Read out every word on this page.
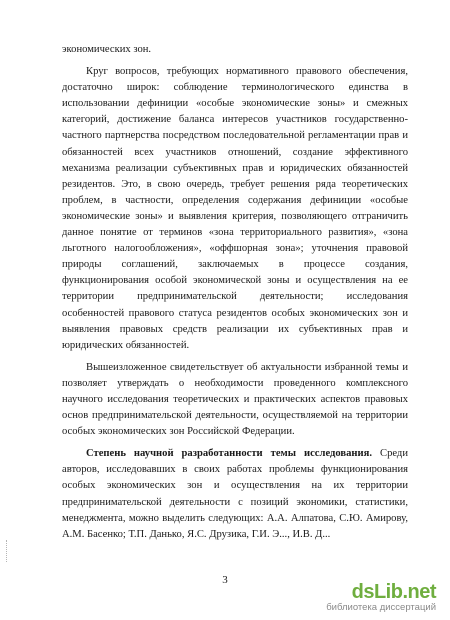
экономических зон.
Круг вопросов, требующих нормативного правового обеспечения,
достаточно широк: соблюдение терминологического единства в
использовании дефиниции «особые экономические зоны» и смежных
категорий, достижение баланса интересов участников государственно-
частного партнерства посредством последовательной регламентации прав и
обязанностей всех участников отношений, создание эффективного
механизма реализации субъективных прав и юридических обязанностей
резидентов. Это, в свою очередь, требует решения ряда теоретических
проблем, в частности, определения содержания дефиниции «особые
экономические зоны» и выявления критерия, позволяющего отграничить
данное понятие от терминов «зона территориального развития», «зона
льготного налогообложения», «оффшорная зона»; уточнения правовой
природы соглашений, заключаемых в процессе создания,
функционирования особой экономической зоны и осуществления на ее
территории предпринимательской деятельности; исследования
особенностей правового статуса резидентов особых экономических зон и
выявления правовых средств реализации их субъективных прав и
юридических обязанностей.
Вышеизложенное свидетельствует об актуальности избранной темы и
позволяет утверждать о необходимости проведенного комплексного
научного исследования теоретических и практических аспектов правовых
основ предпринимательской деятельности, осуществляемой на территории
особых экономических зон Российской Федерации.
Степень научной разработанности темы исследования. Среди
авторов, исследовавших в своих работах проблемы функционирования
особых экономических зон и осуществления на их территории
предпринимательской деятельности с позиций экономики, статистики,
менеджмента, можно выделить следующих: А.А. Алпатова, С.Ю. Амирову,
А.М. Басенко; Т.П. Данько, Я.С. Друзика, Г.И. Э..., И.В. Д...
3
dsLib.net
библиотека диссертаций
